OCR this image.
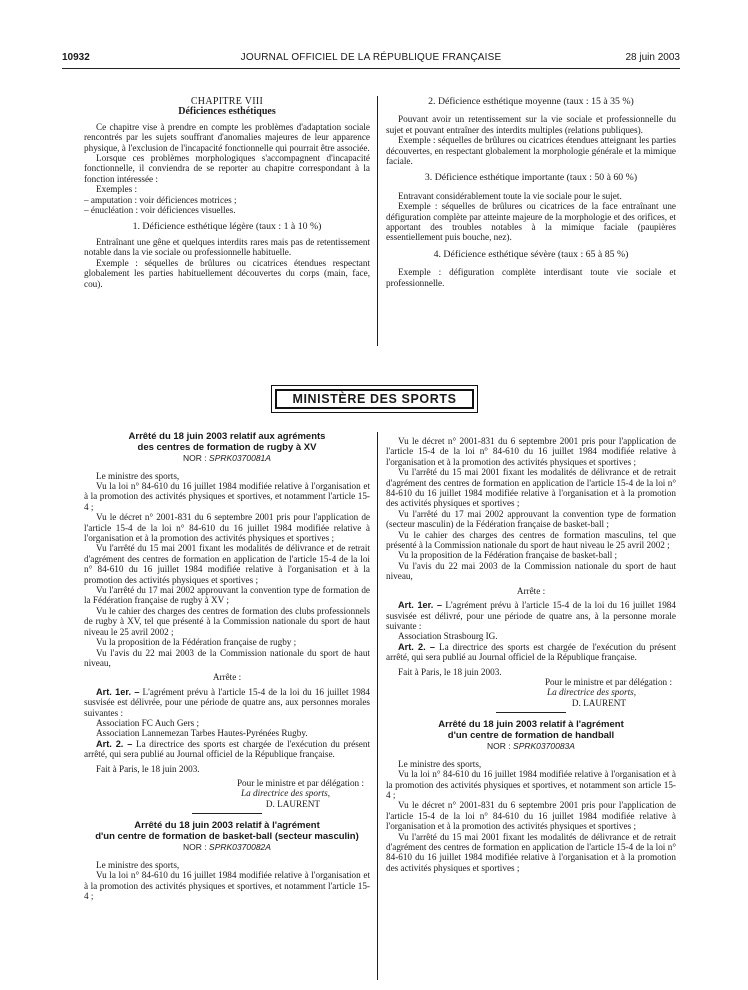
10932	JOURNAL OFFICIEL DE LA RÉPUBLIQUE FRANÇAISE	28 juin 2003

CHAPITRE VIII

Déficiences esthétiques

Ce chapitre vise à prendre en compte les problèmes d'adaptation sociale rencontrés par les sujets souffrant d'anomalies majeures de leur apparence physique, à l'exclusion de l'incapacité fonctionnelle qui pourrait être associée.

Lorsque ces problèmes morphologiques s'accompagnent d'incapacité fonctionnelle, il conviendra de se reporter au chapitre correspondant à la fonction intéressée :

Exemples :

– amputation : voir déficiences motrices ;

– énucléation : voir déficiences visuelles.

1. Déficience esthétique légère (taux : 1 à 10 %)

Entraînant une gêne et quelques interdits rares mais pas de retentissement notable dans la vie sociale ou professionnelle habituelle.

Exemple : séquelles de brûlures ou cicatrices étendues respectant globalement les parties habituellement découvertes du corps (main, face, cou).

2. Déficience esthétique moyenne (taux : 15 à 35 %)

Pouvant avoir un retentissement sur la vie sociale et professionnelle du sujet et pouvant entraîner des interdits multiples (relations publiques).

Exemple : séquelles de brûlures ou cicatrices étendues atteignant les parties découvertes, en respectant globalement la morphologie générale et la mimique faciale.

3. Déficience esthétique importante (taux : 50 à 60 %)

Entravant considérablement toute la vie sociale pour le sujet.

Exemple : séquelles de brûlures ou cicatrices de la face entraînant une défiguration complète par atteinte majeure de la morphologie et des orifices, et apportant des troubles notables à la mimique faciale (paupières essentiellement puis bouche, nez).

4. Déficience esthétique sévère (taux : 65 à 85 %)

Exemple : défiguration complète interdisant toute vie sociale et professionnelle.

MINISTÈRE DES SPORTS

Arrêté du 18 juin 2003 relatif aux agréments

des centres de formation de rugby à XV

NOR : SPRK0370081A

Le ministre des sports,

Vu la loi n° 84-610 du 16 juillet 1984 modifiée relative à l'organisation et à la promotion des activités physiques et sportives, et notamment l'article 15-4 ;

Vu le décret n° 2001-831 du 6 septembre 2001 pris pour l'application de l'article 15-4 de la loi n° 84-610 du 16 juillet 1984 modifiée relative à l'organisation et à la promotion des activités physiques et sportives ;

Vu l'arrêté du 15 mai 2001 fixant les modalités de délivrance et de retrait d'agrément des centres de formation en application de l'article 15-4 de la loi n° 84-610 du 16 juillet 1984 modifiée relative à l'organisation et à la promotion des activités physiques et sportives ;

Vu l'arrêté du 17 mai 2002 approuvant la convention type de formation de la Fédération française de rugby à XV ;

Vu le cahier des charges des centres de formation des clubs professionnels de rugby à XV, tel que présenté à la Commission nationale du sport de haut niveau le 25 avril 2002 ;

Vu la proposition de la Fédération française de rugby ;

Vu l'avis du 22 mai 2003 de la Commission nationale du sport de haut niveau,

Arrête :

Art. 1er. – L'agrément prévu à l'article 15-4 de la loi du 16 juillet 1984 susvisée est délivrée, pour une période de quatre ans, aux personnes morales suivantes :

Association FC Auch Gers ;

Association Lannemezan Tarbes Hautes-Pyrénées Rugby.

Art. 2. – La directrice des sports est chargée de l'exécution du présent arrêté, qui sera publié au Journal officiel de la République française.

Fait à Paris, le 18 juin 2003.

Pour le ministre et par délégation :

La directrice des sports,

D. LAURENT

Arrêté du 18 juin 2003 relatif à l'agrément

d'un centre de formation de basket-ball (secteur masculin)

NOR : SPRK0370082A

Le ministre des sports,

Vu la loi n° 84-610 du 16 juillet 1984 modifiée relative à l'organisation et à la promotion des activités physiques et sportives, et notamment l'article 15-4 ;

Vu le décret n° 2001-831 du 6 septembre 2001 pris pour l'application de l'article 15-4 de la loi n° 84-610 du 16 juillet 1984 modifiée relative à l'organisation et à la promotion des activités physiques et sportives ;

Vu l'arrêté du 15 mai 2001 fixant les modalités de délivrance et de retrait d'agrément des centres de formation en application de l'article 15-4 de la loi n° 84-610 du 16 juillet 1984 modifiée relative à l'organisation et à la promotion des activités physiques et sportives ;

Vu l'arrêté du 17 mai 2002 approuvant la convention type de formation (secteur masculin) de la Fédération française de basket-ball ;

Vu le cahier des charges des centres de formation masculins, tel que présenté à la Commission nationale du sport de haut niveau le 25 avril 2002 ;

Vu la proposition de la Fédération française de basket-ball ;

Vu l'avis du 22 mai 2003 de la Commission nationale du sport de haut niveau,

Arrête :

Art. 1er. – L'agrément prévu à l'article 15-4 de la loi du 16 juillet 1984 susvisée est délivré, pour une période de quatre ans, à la personne morale suivante :

Association Strasbourg IG.

Art. 2. – La directrice des sports est chargée de l'exécution du présent arrêté, qui sera publié au Journal officiel de la République française.

Fait à Paris, le 18 juin 2003.

Pour le ministre et par délégation :

La directrice des sports,

D. LAURENT

Arrêté du 18 juin 2003 relatif à l'agrément

d'un centre de formation de handball

NOR : SPRK0370083A

Le ministre des sports,

Vu la loi n° 84-610 du 16 juillet 1984 modifiée relative à l'organisation et à la promotion des activités physiques et sportives, et notamment son article 15-4 ;

Vu le décret n° 2001-831 du 6 septembre 2001 pris pour l'application de l'article 15-4 de la loi n° 84-610 du 16 juillet 1984 modifiée relative à l'organisation et à la promotion des activités physiques et sportives ;

Vu l'arrêté du 15 mai 2001 fixant les modalités de délivrance et de retrait d'agrément des centres de formation en application de l'article 15-4 de la loi n° 84-610 du 16 juillet 1984 modifiée relative à l'organisation et à la promotion des activités physiques et sportives ;
